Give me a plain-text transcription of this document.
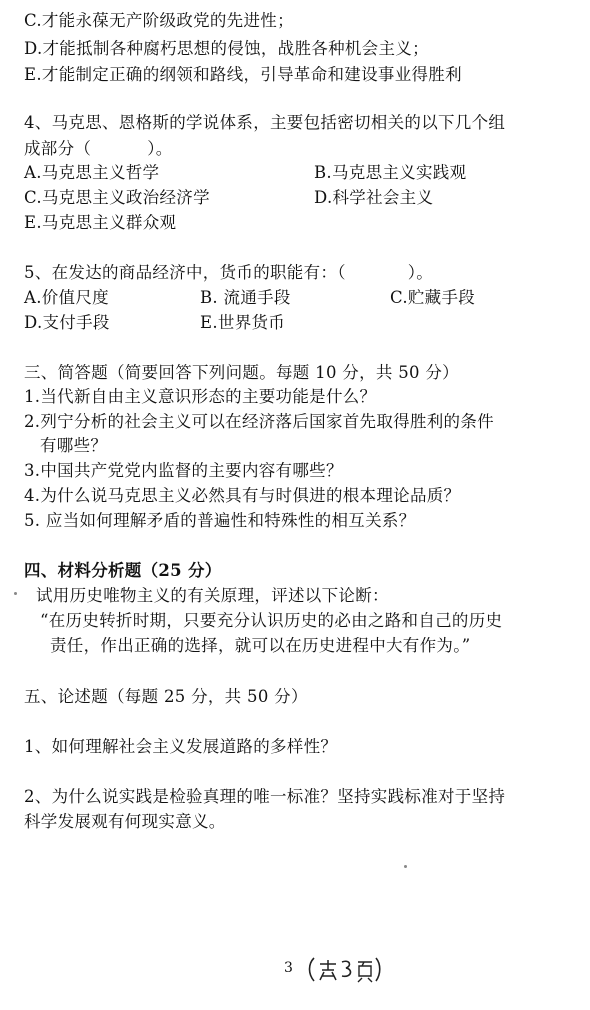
C.才能永葆无产阶级政党的先进性；
D.才能抵制各种腐朽思想的侵蚀，战胜各种机会主义；
E.才能制定正确的纲领和路线，引导革命和建设事业得胜利
4、马克思、恩格斯的学说体系，主要包括密切相关的以下几个组
成部分（	）。
A.马克思主义哲学	B.马克思主义实践观
C.马克思主义政治经济学	D.科学社会主义
E.马克思主义群众观
5、在发达的商品经济中，货币的职能有：（	）。
A.价值尺度	B. 流通手段	C.贮藏手段
D.支付手段	E.世界货币
三、简答题（简要回答下列问题。每题 10 分，共 50 分）
1.当代新自由主义意识形态的主要功能是什么？
2.列宁分析的社会主义可以在经济落后国家首先取得胜利的条件
有哪些？
3.中国共产党党内监督的主要内容有哪些？
4.为什么说马克思主义必然具有与时俱进的根本理论品质？
5. 应当如何理解矛盾的普遍性和特殊性的相互关系？
四、材料分析题（25 分）
试用历史唯物主义的有关原理，评述以下论断：
“在历史转折时期，只要充分认识历史的必由之路和自己的历史
责任，作出正确的选择，就可以在历史进程中大有作为。”
五、论述题（每题 25 分，共 50 分）
1、如何理解社会主义发展道路的多样性？
2、为什么说实践是检验真理的唯一标准？坚持实践标准对于坚持
科学发展观有何现实意义。
3
